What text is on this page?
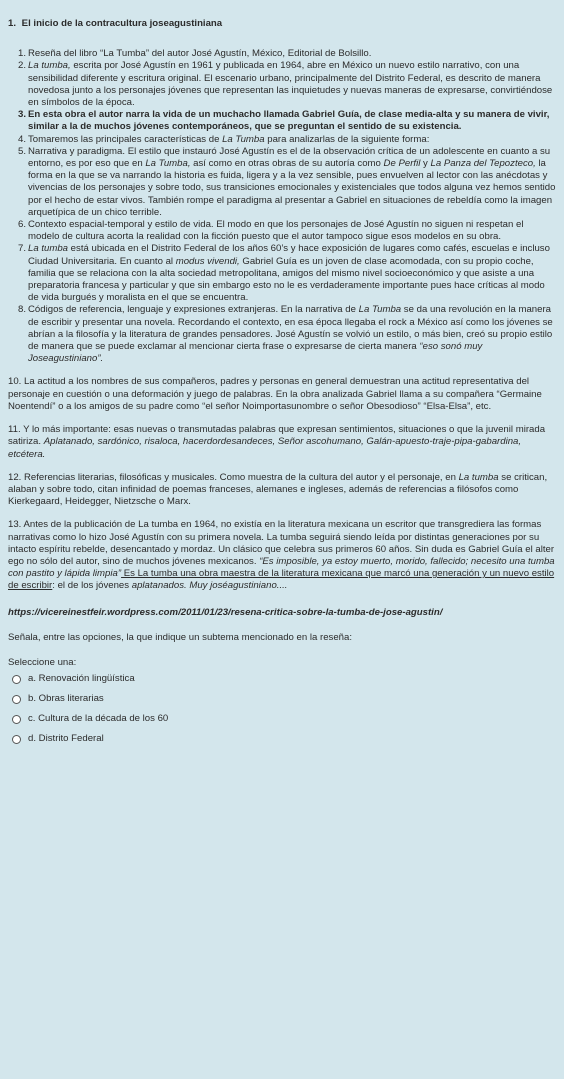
1. El inicio de la contracultura joseagustiniana
1. Reseña del libro “La Tumba” del autor José Agustín, México, Editorial de Bolsillo.
2. La tumba, escrita por José Agustín en 1961 y publicada en 1964, abre en México un nuevo estilo narrativo, con una sensibilidad diferente y escritura original. El escenario urbano, principalmente del Distrito Federal, es descrito de manera novedosa junto a los personajes jóvenes que representan las inquietudes y nuevas maneras de expresarse, convirtiéndose en símbolos de la época.
3. En esta obra el autor narra la vida de un muchacho llamada Gabriel Guía, de clase media-alta y su manera de vivir, similar a la de muchos jóvenes contemporáneos, que se preguntan el sentido de su existencia.
4. Tomaremos las principales características de La Tumba para analizarlas de la siguiente forma:
5. Narrativa y paradigma. El estilo que instauró José Agustín es el de la observación crítica de un adolescente en cuanto a su entorno, es por eso que en La Tumba, así como en otras obras de su autoría como De Perfil y La Panza del Tepozteco, la forma en la que se va narrando la historia es fuida, ligera y a la vez sensible, pues envuelven al lector con las anécdotas y vivencias de los personajes y sobre todo, sus transiciones emocionales y existenciales que todos alguna vez hemos sentido por el hecho de estar vivos. También rompe el paradigma al presentar a Gabriel en situaciones de rebeldía como la imagen arquetípica de un chico terrible.
6. Contexto espacial-temporal y estilo de vida. El modo en que los personajes de José Agustín no siguen ni respetan el modelo de cultura acorta la realidad con la ficción puesto que el autor tampoco sigue esos modelos en su obra.
7. La tumba está ubicada en el Distrito Federal de los años 60’s y hace exposición de lugares como cafés, escuelas e incluso Ciudad Universitaria. En cuanto al modus vivendi, Gabriel Guía es un joven de clase acomodada, con su propio coche, familia que se relaciona con la alta sociedad metropolitana, amigos del mismo nivel socioeconómico y que asiste a una preparatoria francesa y particular y que sin embargo esto no le es verdaderamente importante pues hace críticas al modo de vida burgués y moralista en el que se encuentra.
8. Códigos de referencia, lenguaje y expresiones extranjeras. En la narrativa de La Tumba se da una revolución en la manera de escribir y presentar una novela. Recordando el contexto, en esa época llegaba el rock a México así como los jóvenes se abrían a la filosofía y la literatura de grandes pensadores. José Agustín se volvió un estilo, o más bien, creó su propio estilo de manera que se puede exclamar al mencionar cierta frase o expresarse de cierta manera “eso sonó muy Joseagustiniano”.
10. La actitud a los nombres de sus compañeros, padres y personas en general demuestran una actitud representativa del personaje en cuestión o una deformación y juego de palabras. En la obra analizada Gabriel llama a su compañera “Germaine Noentendí” o a los amigos de su padre como “el señor Noimportasunombre o señor Obesodioso” “Elsa-Elsa”, etc.
11. Y lo más importante: esas nuevas o transmutadas palabras que expresan sentimientos, situaciones o que la juvenil mirada satiriza. Aplatanado, sardónico, risaloca, hacerdordesandeces, Señor ascohumano, Galán-apuesto-traje-pipa-gabardina, etcétera.
12. Referencias literarias, filosóficas y musicales. Como muestra de la cultura del autor y el personaje, en La tumba se critican, alaban y sobre todo, citan infinidad de poemas franceses, alemanes e ingleses, además de referencias a filósofos como Kierkegaard, Heidegger, Nietzsche o Marx.
13. Antes de la publicación de La tumba en 1964, no existía en la literatura mexicana un escritor que transgrediera las formas narrativas como lo hizo José Agustín con su primera novela. La tumba seguirá siendo leída por distintas generaciones por su intacto espíritu rebelde, desencantado y mordaz. Un clásico que celebra sus primeros 60 años. Sin duda es Gabriel Guía el alter ego no sólo del autor, sino de muchos jóvenes mexicanos. “Es imposible, ya estoy muerto, morido, fallecido; necesito una tumba con pastito y lápida limpia” Es La tumba una obra maestra de la literatura mexicana que marcó una generación y un nuevo estilo de escribir: el de los jóvenes aplatanados. Muy joséagustiniano....
https://vicereinestfeir.wordpress.com/2011/01/23/resena-critica-sobre-la-tumba-de-jose-agustin/
Señala, entre las opciones, la que indique un subtema mencionado en la reseña:
Seleccione una:
a. Renovación lingüística
b. Obras literarias
c. Cultura de la década de los 60
d. Distrito Federal
